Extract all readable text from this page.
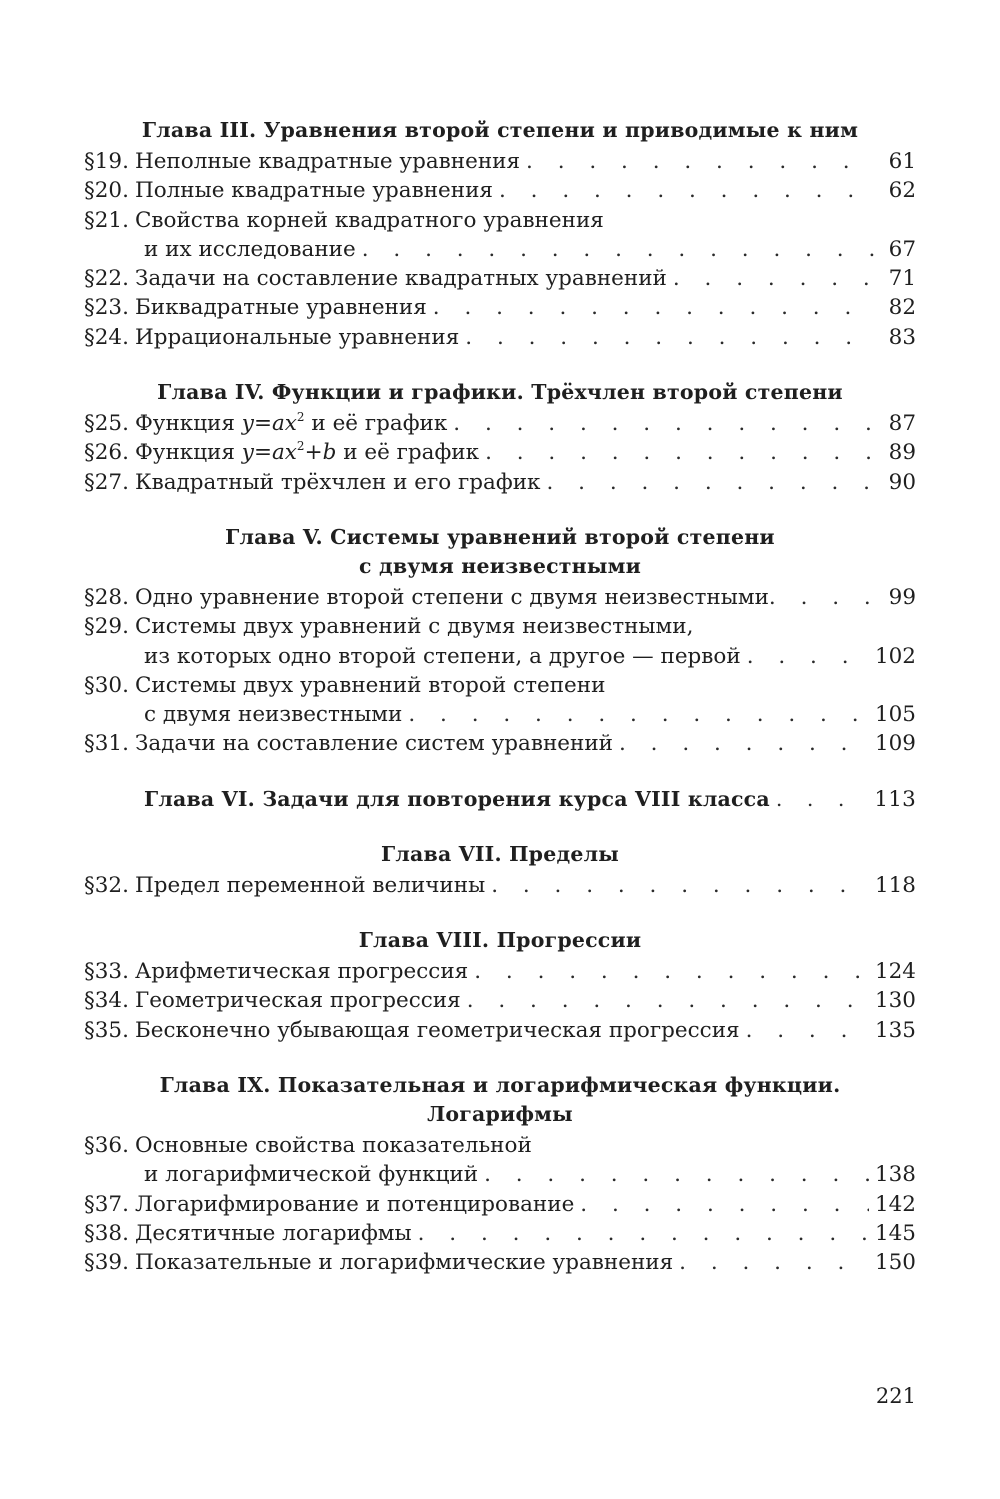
Глава III. Уравнения второй степени и приводимые к ним
§19. Неполные квадратные уравнения . . .	61
§20. Полные квадратные уравнения . . .	62
§21. Свойства корней квадратного уравнения
и их исследование . . .	67
§22. Задачи на составление квадратных уравнений . . .	71
§23. Биквадратные уравнения . . .	82
§24. Иррациональные уравнения . . .	83
Глава IV. Функции и графики. Трёхчлен второй степени
§25. Функция $y=ax^2$ и её график . . .	87
§26. Функция $y=ax^2+b$ и её график . . .	89
§27. Квадратный трёхчлен и его график . . .	90
Глава V. Системы уравнений второй степени
с двумя неизвестными
§28. Одно уравнение второй степени с двумя неизвестными . . .	99
§29. Системы двух уравнений с двумя неизвестными,
из которых одно второй степени, а другое — первой . . .	102
§30. Системы двух уравнений второй степени
с двумя неизвестными . . .	105
§31. Задачи на составление систем уравнений . . .	109
Глава VI. Задачи для повторения курса VIII класса . . .	113
Глава VII. Пределы
§32. Предел переменной величины . . .	118
Глава VIII. Прогрессии
§33. Арифметическая прогрессия . . .	124
§34. Геометрическая прогрессия . . .	130
§35. Бесконечно убывающая геометрическая прогрессия . . .	135
Глава IX. Показательная и логарифмическая функции.
Логарифмы
§36. Основные свойства показательной
и логарифмической функций . . .	138
§37. Логарифмирование и потенцирование . . .	142
§38. Десятичные логарифмы . . .	145
§39. Показательные и логарифмические уравнения . . .	150
221
